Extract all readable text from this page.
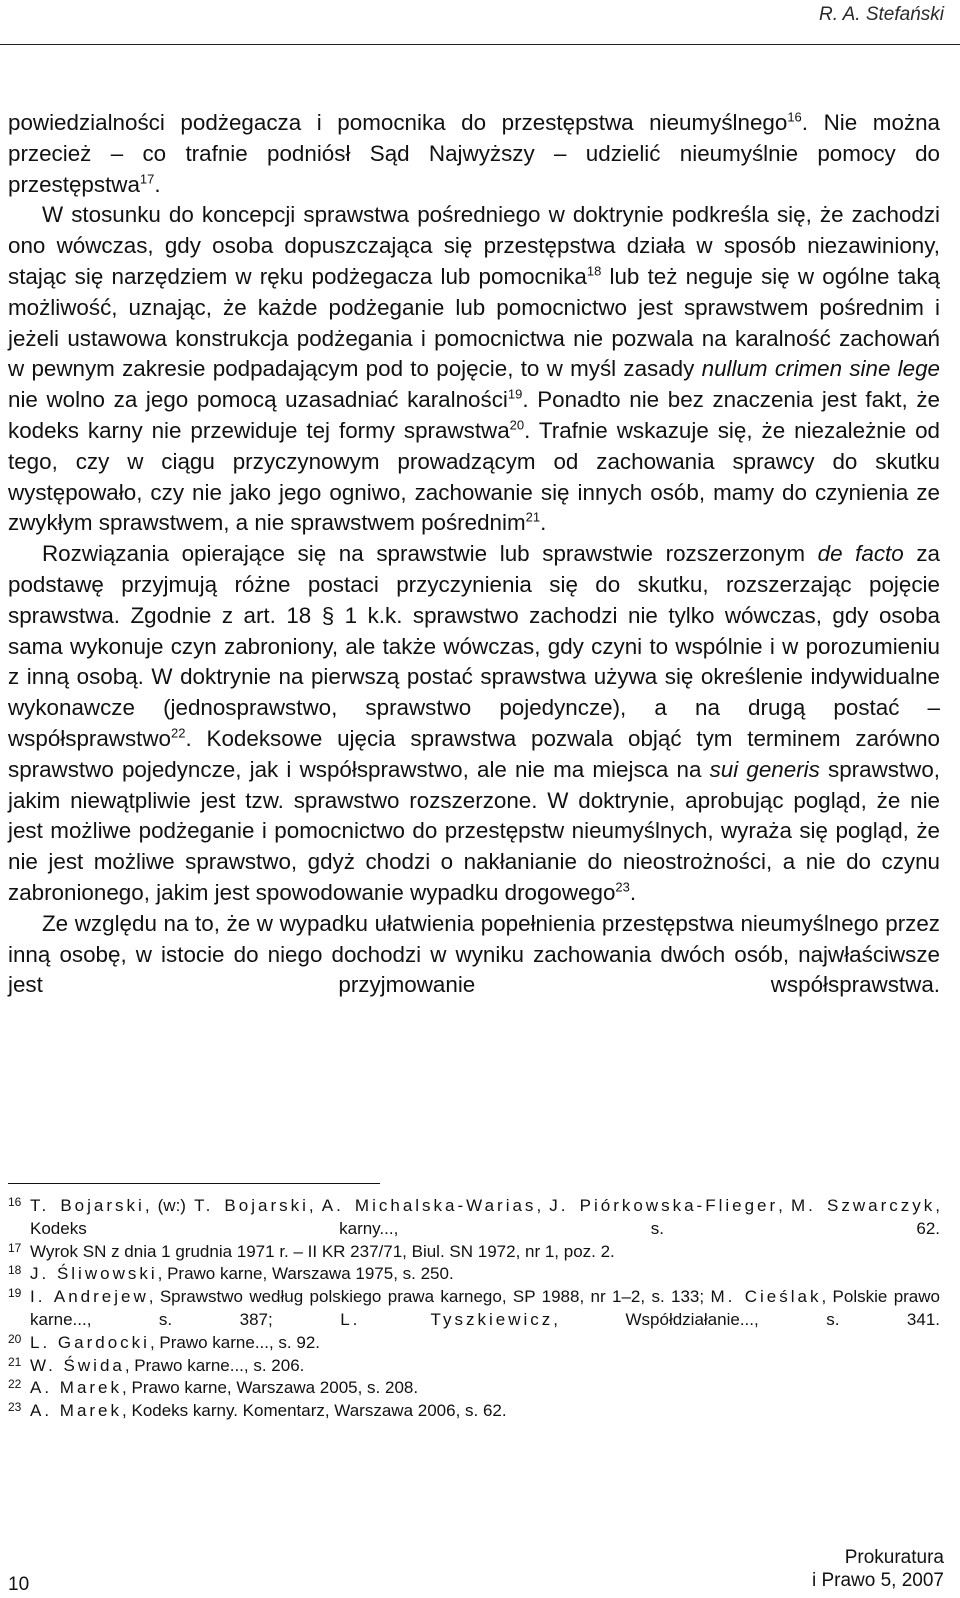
R. A. Stefański

powiedzialności podżegacza i pomocnika do przestępstwa nieumyślnego$^{16}$. Nie można przecież – co trafnie podniósł Sąd Najwyższy – udzielić nieumyślnie pomocy do przestępstwa$^{17}$.

W stosunku do koncepcji sprawstwa pośredniego w doktrynie podkreśla się, że zachodzi ono wówczas, gdy osoba dopuszczająca się przestępstwa działa w sposób niezawiniony, stając się narzędziem w ręku podżegacza lub pomocnika$^{18}$ lub też neguje się w ogólne taką możliwość, uznając, że każde podżeganie lub pomocnictwo jest sprawstwem pośrednim i jeżeli ustawowa konstrukcja podżegania i pomocnictwa nie pozwala na karalność zachowań w pewnym zakresie podpadającym pod to pojęcie, to w myśl zasady nullum crimen sine lege nie wolno za jego pomocą uzasadniać karalności$^{19}$. Ponadto nie bez znaczenia jest fakt, że kodeks karny nie przewiduje tej formy sprawstwa$^{20}$. Trafnie wskazuje się, że niezależnie od tego, czy w ciągu przyczynowym prowadzącym od zachowania sprawcy do skutku występowało, czy nie jako jego ogniwo, zachowanie się innych osób, mamy do czynienia ze zwykłym sprawstwem, a nie sprawstwem pośrednim$^{21}$.

Rozwiązania opierające się na sprawstwie lub sprawstwie rozszerzonym de facto za podstawę przyjmują różne postaci przyczynienia się do skutku, rozszerzając pojęcie sprawstwa. Zgodnie z art. 18 § 1 k.k. sprawstwo zachodzi nie tylko wówczas, gdy osoba sama wykonuje czyn zabroniony, ale także wówczas, gdy czyni to wspólnie i w porozumieniu z inną osobą. W doktrynie na pierwszą postać sprawstwa używa się określenie indywidualne wykonawcze (jednosprawstwo, sprawstwo pojedyncze), a na drugą postać – współsprawstwo$^{22}$. Kodeksowe ujęcia sprawstwa pozwala objąć tym terminem zarówno sprawstwo pojedyncze, jak i współsprawstwo, ale nie ma miejsca na sui generis sprawstwo, jakim niewątpliwie jest tzw. sprawstwo rozszerzone. W doktrynie, aprobując pogląd, że nie jest możliwe podżeganie i pomocnictwo do przestępstw nieumyślnych, wyraża się pogląd, że nie jest możliwe sprawstwo, gdyż chodzi o nakłanianie do nieostrożności, a nie do czynu zabronionego, jakim jest spowodowanie wypadku drogowego$^{23}$.

Ze względu na to, że w wypadku ułatwienia popełnienia przestępstwa nieumyślnego przez inną osobę, w istocie do niego dochodzi w wyniku zachowania dwóch osób, najwłaściwsze jest przyjmowanie współsprawstwa.

16 T. Bojarski, (w:) T. Bojarski, A. Michalska-Warias, J. Piórkowska-Flieger, M. Szwarczyk, Kodeks karny..., s. 62.
17 Wyrok SN z dnia 1 grudnia 1971 r. – II KR 237/71, Biul. SN 1972, nr 1, poz. 2.
18 J. Śliwowski, Prawo karne, Warszawa 1975, s. 250.
19 I. Andrejew, Sprawstwo według polskiego prawa karnego, SP 1988, nr 1–2, s. 133; M. Cieślak, Polskie prawo karne..., s. 387; L. Tyszkiewicz, Współdziałanie..., s. 341.
20 L. Gardocki, Prawo karne..., s. 92.
21 W. Świda, Prawo karne..., s. 206.
22 A. Marek, Prawo karne, Warszawa 2005, s. 208.
23 A. Marek, Kodeks karny. Komentarz, Warszawa 2006, s. 62.
Prokuratura
i Prawo 5, 2007
10
